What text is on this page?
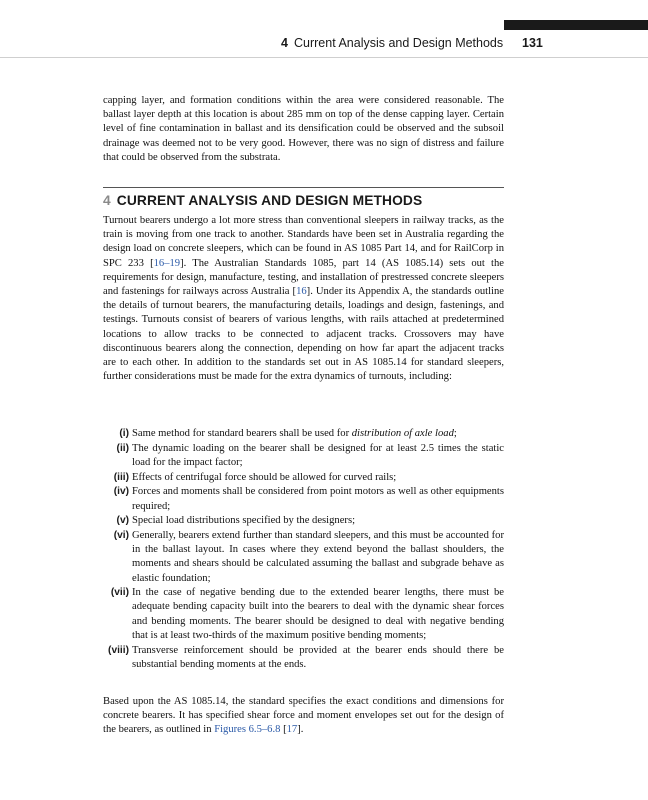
4 Current Analysis and Design Methods 131

capping layer, and formation conditions within the area were considered reasonable. The ballast layer depth at this location is about 285 mm on top of the dense capping layer. Certain level of fine contamination in ballast and its densification could be observed and the subsoil drainage was deemed not to be very good. However, there was no sign of distress and failure that could be observed from the substrata.

4 CURRENT ANALYSIS AND DESIGN METHODS

Turnout bearers undergo a lot more stress than conventional sleepers in railway tracks, as the train is moving from one track to another. Standards have been set in Australia regarding the design load on concrete sleepers, which can be found in AS 1085 Part 14, and for RailCorp in SPC 233 [16–19]. The Australian Standards 1085, part 14 (AS 1085.14) sets out the requirements for design, manufacture, testing, and installation of prestressed concrete sleepers and fastenings for railways across Australia [16]. Under its Appendix A, the standards outline the details of turnout bearers, the manufacturing details, loadings and design, fastenings, and testings. Turnouts consist of bearers of various lengths, with rails attached at predetermined locations to allow tracks to be connected to adjacent tracks. Crossovers may have discontinuous bearers along the connection, depending on how far apart the adjacent tracks are to each other. In addition to the standards set out in AS 1085.14 for standard sleepers, further considerations must be made for the extra dynamics of turnouts, including:

(i) Same method for standard bearers shall be used for distribution of axle load;
(ii) The dynamic loading on the bearer shall be designed for at least 2.5 times the static load for the impact factor;
(iii) Effects of centrifugal force should be allowed for curved rails;
(iv) Forces and moments shall be considered from point motors as well as other equipments required;
(v) Special load distributions specified by the designers;
(vi) Generally, bearers extend further than standard sleepers, and this must be accounted for in the ballast layout. In cases where they extend beyond the ballast shoulders, the moments and shears should be calculated assuming the ballast and subgrade behave as elastic foundation;
(vii) In the case of negative bending due to the extended bearer lengths, there must be adequate bending capacity built into the bearers to deal with the dynamic shear forces and bending moments. The bearer should be designed to deal with negative bending that is at least two-thirds of the maximum positive bending moments;
(viii) Transverse reinforcement should be provided at the bearer ends should there be substantial bending moments at the ends.

Based upon the AS 1085.14, the standard specifies the exact conditions and dimensions for concrete bearers. It has specified shear force and moment envelopes set out for the design of the bearers, as outlined in Figures 6.5–6.8 [17].
